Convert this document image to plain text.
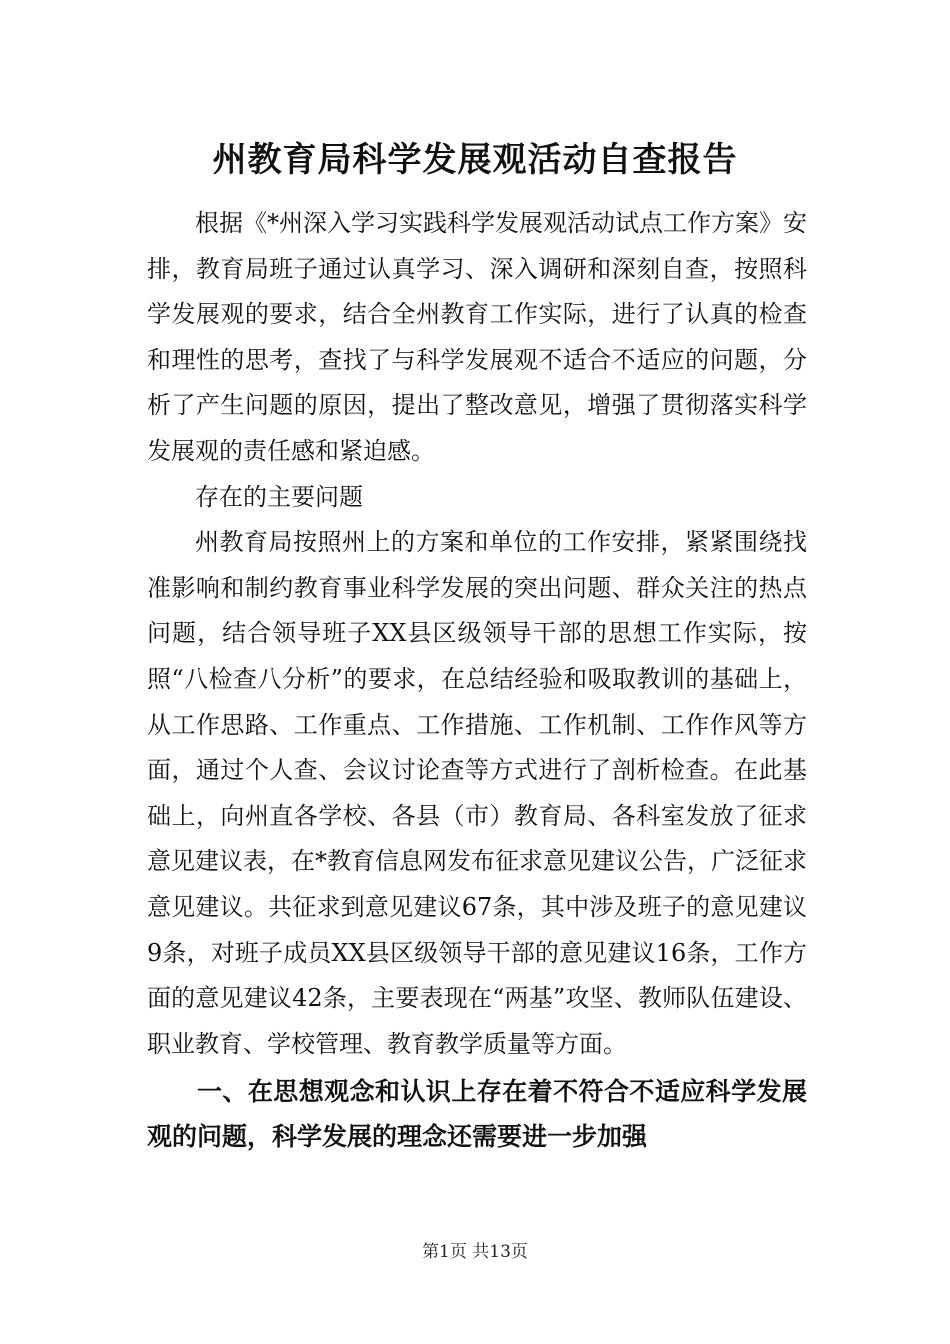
州教育局科学发展观活动自查报告

根据《*州深入学习实践科学发展观活动试点工作方案》安排，教育局班子通过认真学习、深入调研和深刻自查，按照科学发展观的要求，结合全州教育工作实际，进行了认真的检查和理性的思考，查找了与科学发展观不适合不适应的问题，分析了产生问题的原因，提出了整改意见，增强了贯彻落实科学发展观的责任感和紧迫感。

存在的主要问题

州教育局按照州上的方案和单位的工作安排，紧紧围绕找准影响和制约教育事业科学发展的突出问题、群众关注的热点问题，结合领导班子XX县区级领导干部的思想工作实际，按照“八检查八分析”的要求，在总结经验和吸取教训的基础上，从工作思路、工作重点、工作措施、工作机制、工作作风等方面，通过个人查、会议讨论查等方式进行了剖析检查。在此基础上，向州直各学校、各县（市）教育局、各科室发放了征求意见建议表，在*教育信息网发布征求意见建议公告，广泛征求意见建议。共征求到意见建议67条，其中涉及班子的意见建议9条，对班子成员XX县区级领导干部的意见建议16条，工作方面的意见建议42条，主要表现在“两基”攻坚、教师队伍建设、职业教育、学校管理、教育教学质量等方面。

一、在思想观念和认识上存在着不符合不适应科学发展观的问题，科学发展的理念还需要进一步加强

第1页 共13页
